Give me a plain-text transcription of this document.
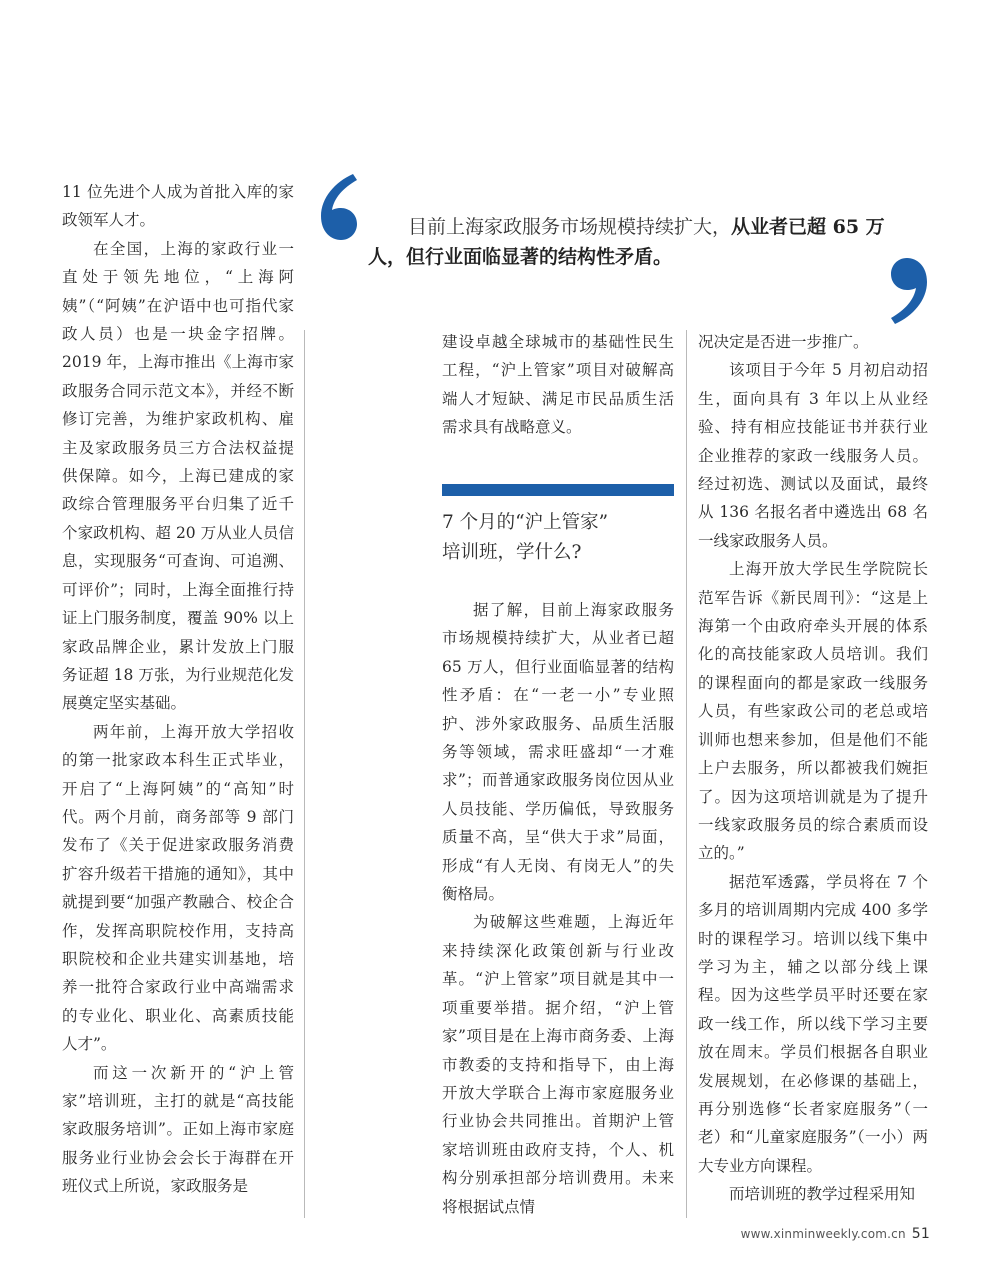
目前上海家政服务市场规模持续扩大，从业者已超 65 万人，但行业面临显著的结构性矛盾。

11 位先进个人成为首批入库的家政领军人才。

在全国，上海的家政行业一直处于领先地位，“上海阿姨”（“阿姨”在沪语中也可指代家政人员）也是一块金字招牌。2019 年，上海市推出《上海市家政服务合同示范文本》，并经不断修订完善，为维护家政机构、雇主及家政服务员三方合法权益提供保障。如今，上海已建成的家政综合管理服务平台归集了近千个家政机构、超 20 万从业人员信息，实现服务“可查询、可追溯、可评价”；同时，上海全面推行持证上门服务制度，覆盖 90% 以上家政品牌企业，累计发放上门服务证超 18 万张，为行业规范化发展奠定坚实基础。

两年前，上海开放大学招收的第一批家政本科生正式毕业，开启了“上海阿姨”的“高知”时代。两个月前，商务部等 9 部门发布了《关于促进家政服务消费扩容升级若干措施的通知》，其中就提到要“加强产教融合、校企合作，发挥高职院校作用，支持高职院校和企业共建实训基地，培养一批符合家政行业中高端需求的专业化、职业化、高素质技能人才”。

而这一次新开的“沪上管家”培训班，主打的就是“高技能家政服务培训”。正如上海市家庭服务业行业协会会长于海群在开班仪式上所说，家政服务是

建设卓越全球城市的基础性民生工程，“沪上管家”项目对破解高端人才短缺、满足市民品质生活需求具有战略意义。

7 个月的“沪上管家”
培训班，学什么?

据了解，目前上海家政服务市场规模持续扩大，从业者已超 65 万人，但行业面临显著的结构性矛盾：在“一老一小”专业照护、涉外家政服务、品质生活服务等领域，需求旺盛却“一才难求”；而普通家政服务岗位因从业人员技能、学历偏低，导致服务质量不高，呈“供大于求”局面，形成“有人无岗、有岗无人”的失衡格局。

为破解这些难题，上海近年来持续深化政策创新与行业改革。“沪上管家”项目就是其中一项重要举措。据介绍，“沪上管家”项目是在上海市商务委、上海市教委的支持和指导下，由上海开放大学联合上海市家庭服务业行业协会共同推出。首期沪上管家培训班由政府支持，个人、机构分别承担部分培训费用。未来将根据试点情

况决定是否进一步推广。

该项目于今年 5 月初启动招生，面向具有 3 年以上从业经验、持有相应技能证书并获行业企业推荐的家政一线服务人员。经过初选、测试以及面试，最终从 136 名报名者中遴选出 68 名一线家政服务人员。

上海开放大学民生学院院长范军告诉《新民周刊》：“这是上海第一个由政府牵头开展的体系化的高技能家政人员培训。我们的课程面向的都是家政一线服务人员，有些家政公司的老总或培训师也想来参加，但是他们不能上户去服务，所以都被我们婉拒了。因为这项培训就是为了提升一线家政服务员的综合素质而设立的。”

据范军透露，学员将在 7 个多月的培训周期内完成 400 多学时的课程学习。培训以线下集中学习为主，辅之以部分线上课程。因为这些学员平时还要在家政一线工作，所以线下学习主要放在周末。学员们根据各自职业发展规划，在必修课的基础上，再分别选修“长者家庭服务”（一老）和“儿童家庭服务”（一小）两大专业方向课程。

而培训班的教学过程采用知

www.xinminweekly.com.cn 51
